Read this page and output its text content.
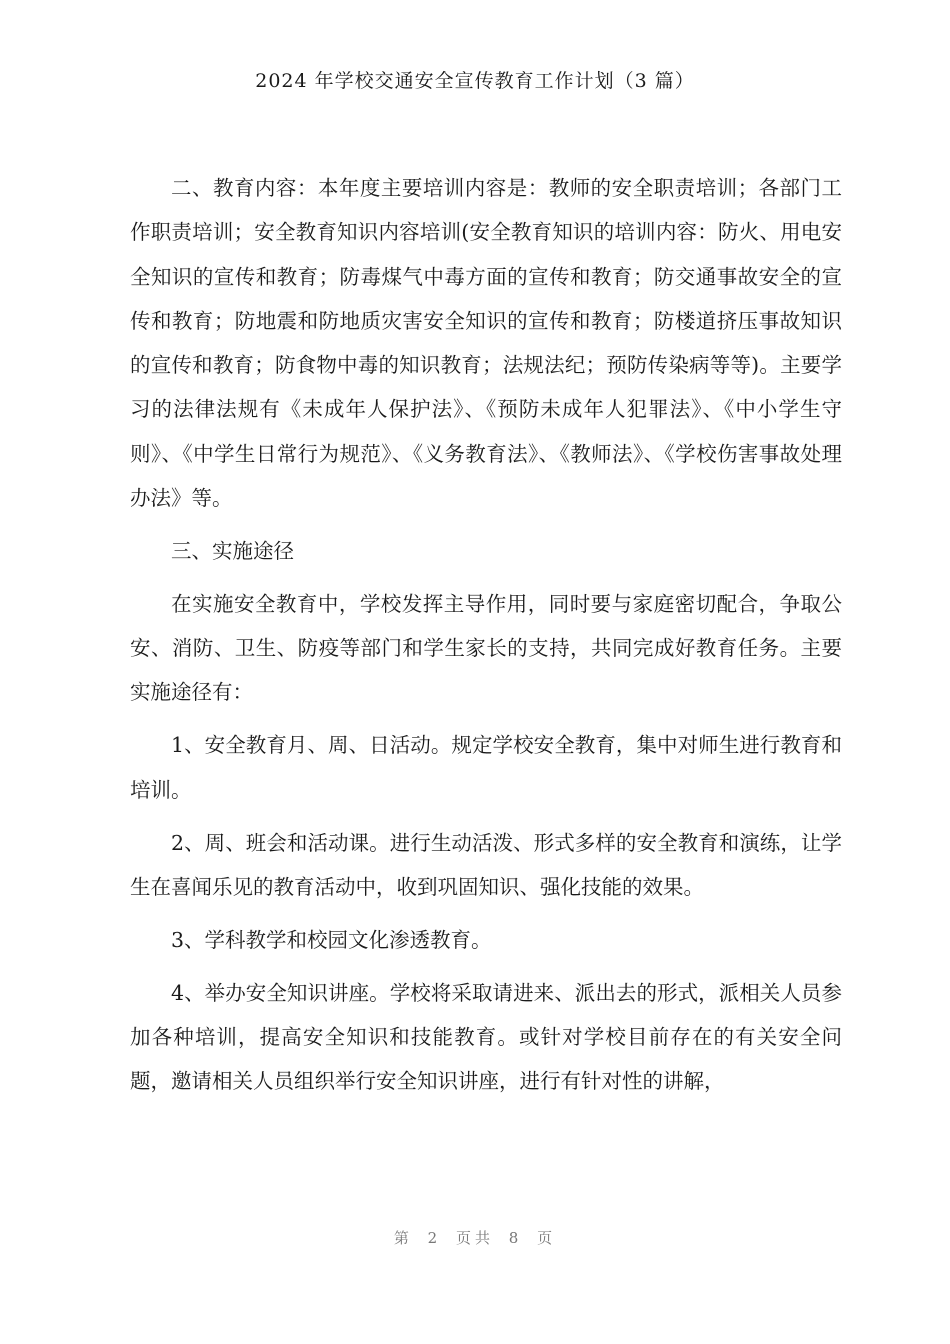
2024 年学校交通安全宣传教育工作计划（3 篇）

二、教育内容：本年度主要培训内容是：教师的安全职责培训；各部门工作职责培训；安全教育知识内容培训(安全教育知识的培训内容：防火、用电安全知识的宣传和教育；防毒煤气中毒方面的宣传和教育；防交通事故安全的宣传和教育；防地震和防地质灾害安全知识的宣传和教育；防楼道挤压事故知识的宣传和教育；防食物中毒的知识教育；法规法纪；预防传染病等等)。主要学习的法律法规有《未成年人保护法》、《预防未成年人犯罪法》、《中小学生守则》、《中学生日常行为规范》、《义务教育法》、《教师法》、《学校伤害事故处理办法》等。

三、实施途径

在实施安全教育中，学校发挥主导作用，同时要与家庭密切配合，争取公安、消防、卫生、防疫等部门和学生家长的支持，共同完成好教育任务。主要实施途径有：

1、安全教育月、周、日活动。规定学校安全教育，集中对师生进行教育和培训。

2、周、班会和活动课。进行生动活泼、形式多样的安全教育和演练，让学生在喜闻乐见的教育活动中，收到巩固知识、强化技能的效果。

3、学科教学和校园文化渗透教育。

4、举办安全知识讲座。学校将采取请进来、派出去的形式，派相关人员参加各种培训，提高安全知识和技能教育。或针对学校目前存在的有关安全问题，邀请相关人员组织举行安全知识讲座，进行有针对性的讲解，

第 2 页共 8 页
